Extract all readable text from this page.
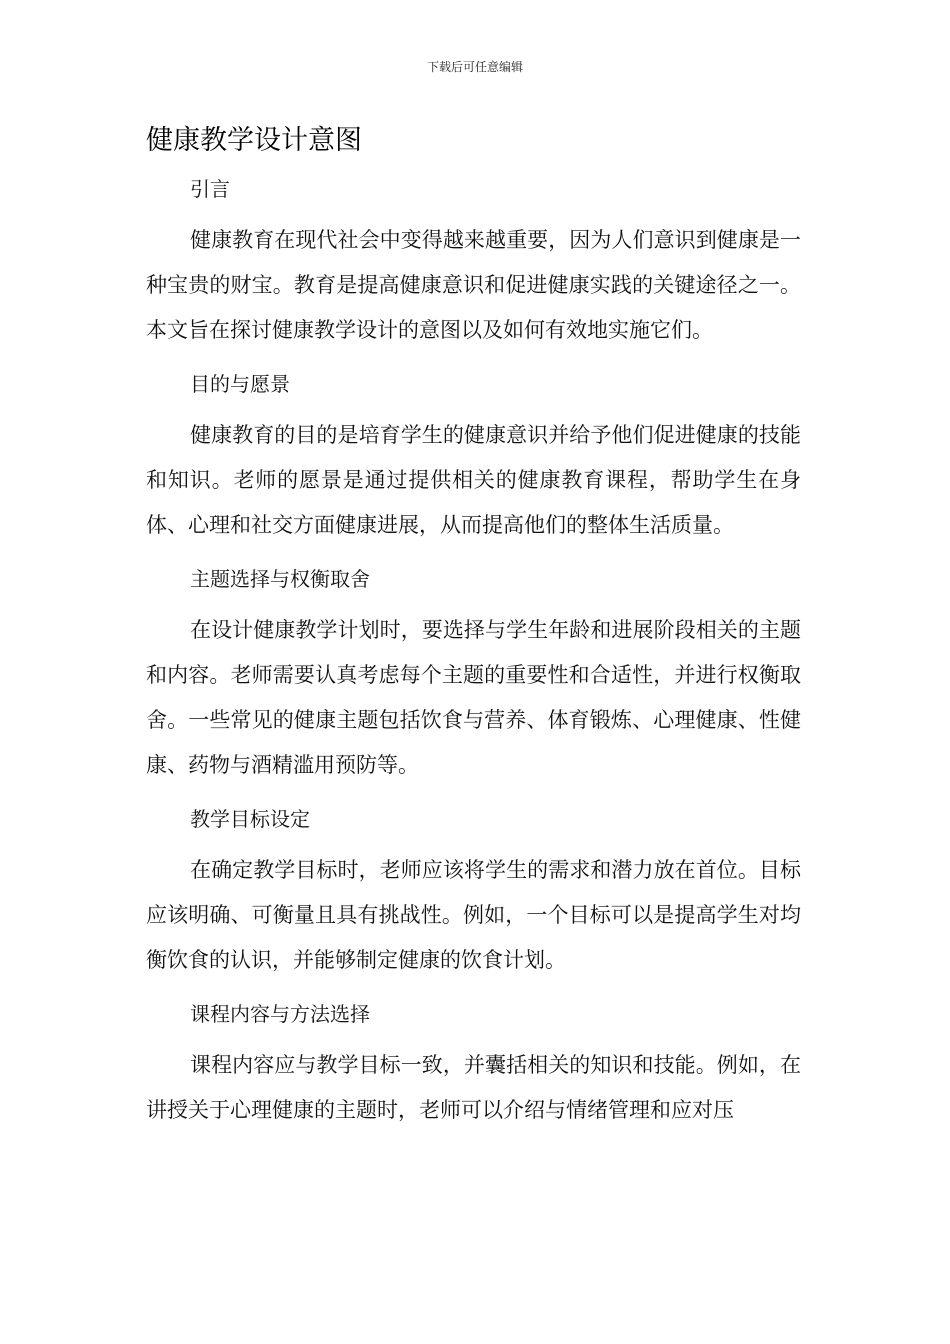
下载后可任意编辑
健康教学设计意图
引言

健康教育在现代社会中变得越来越重要，因为人们意识到健康是一种宝贵的财宝。教育是提高健康意识和促进健康实践的关键途径之一。本文旨在探讨健康教学设计的意图以及如何有效地实施它们。

目的与愿景

健康教育的目的是培育学生的健康意识并给予他们促进健康的技能和知识。老师的愿景是通过提供相关的健康教育课程，帮助学生在身体、心理和社交方面健康进展，从而提高他们的整体生活质量。

主题选择与权衡取舍

在设计健康教学计划时，要选择与学生年龄和进展阶段相关的主题和内容。老师需要认真考虑每个主题的重要性和合适性，并进行权衡取舍。一些常见的健康主题包括饮食与营养、体育锻炼、心理健康、性健康、药物与酒精滥用预防等。

教学目标设定

在确定教学目标时，老师应该将学生的需求和潜力放在首位。目标应该明确、可衡量且具有挑战性。例如，一个目标可以是提高学生对均衡饮食的认识，并能够制定健康的饮食计划。

课程内容与方法选择

课程内容应与教学目标一致，并囊括相关的知识和技能。例如，在讲授关于心理健康的主题时，老师可以介绍与情绪管理和应对压
